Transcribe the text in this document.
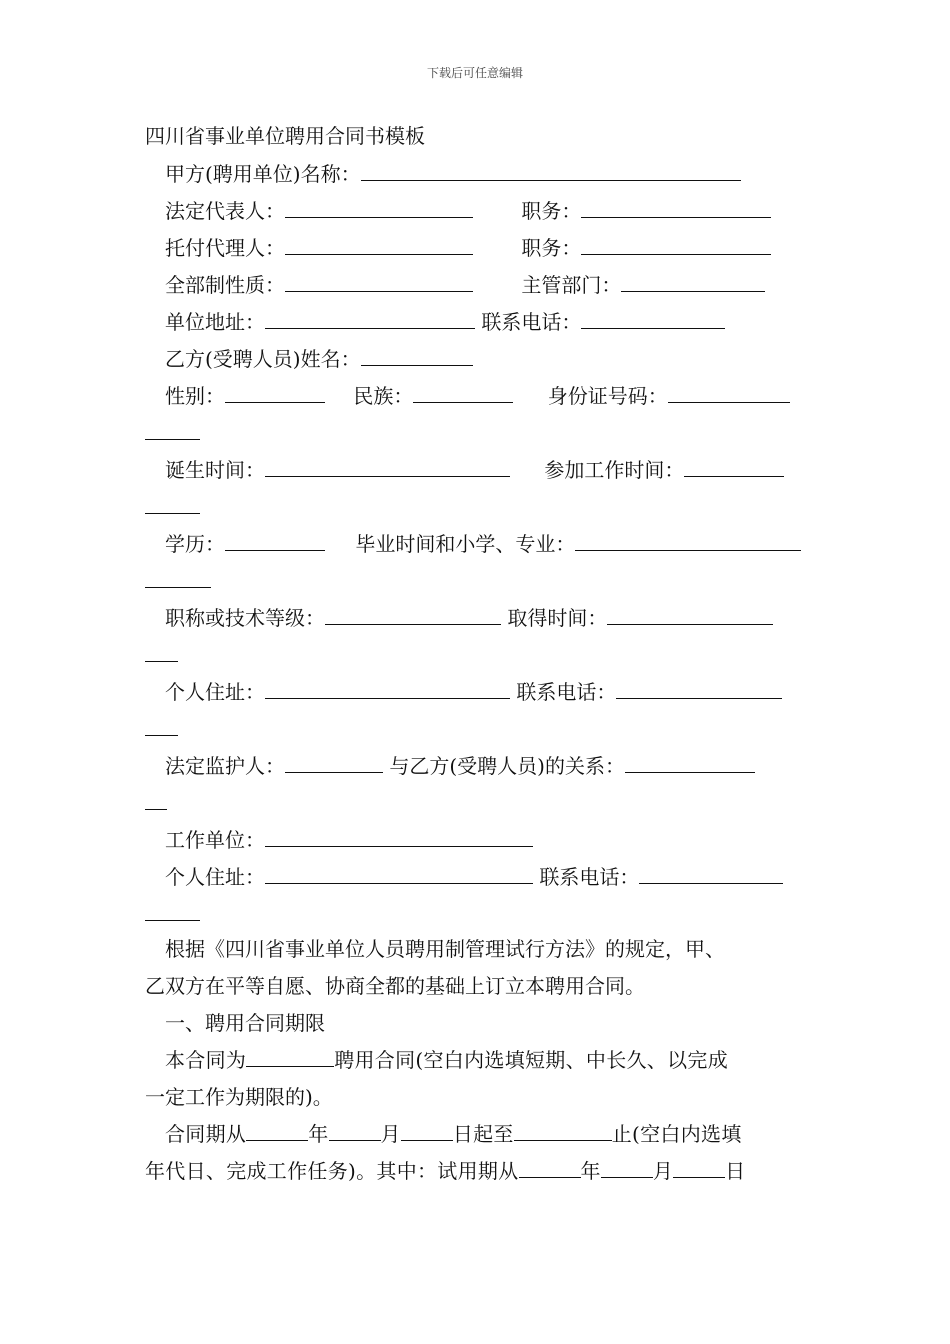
下载后可任意编辑
四川省事业单位聘用合同书模板
甲方(聘用单位)名称：
法定代表人：	职务：
托付代理人：	职务：
全部制性质：	主管部门：
单位地址：	联系电话：
乙方(受聘人员)姓名：
性别：	民族：	身份证号码：
诞生时间：	参加工作时间：
学历：	毕业时间和小学、专业：
职称或技术等级：	取得时间：
个人住址：	联系电话：
法定监护人：	与乙方(受聘人员)的关系：
工作单位：
个人住址：	联系电话：
根据《四川省事业单位人员聘用制管理试行方法》的规定，甲、
乙双方在平等自愿、协商全都的基础上订立本聘用合同。
一、聘用合同期限
本合同为	聘用合同(空白内选填短期、中长久、以完成
一定工作为期限的)。
合同期从	年	月	日起至	止(空白内选填
年代日、完成工作任务)。其中：试用期从	年	月	日
